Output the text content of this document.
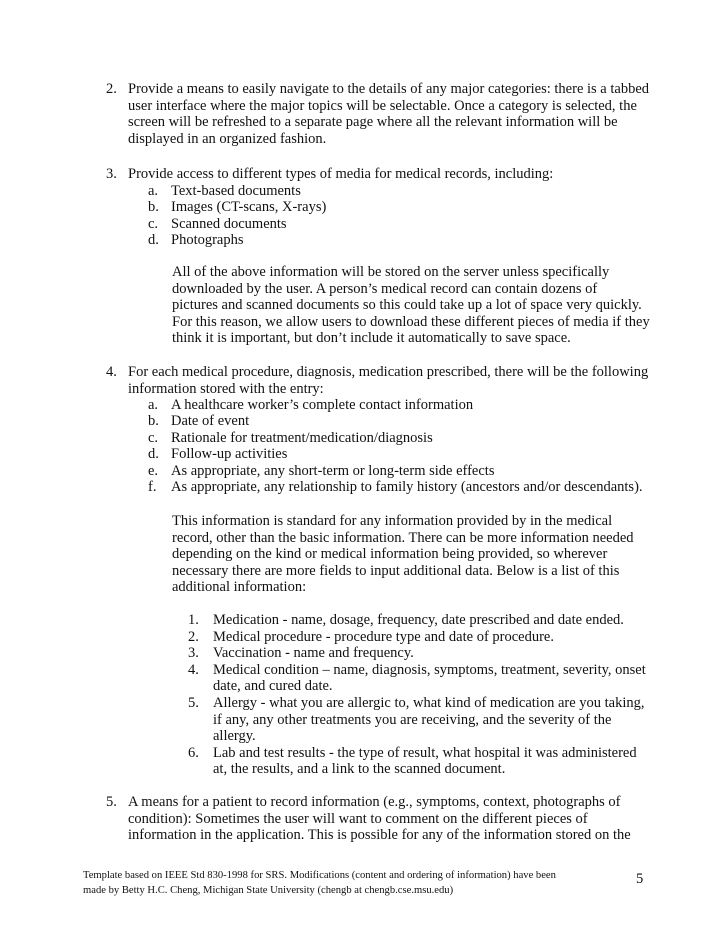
2. Provide a means to easily navigate to the details of any major categories: there is a tabbed
user interface where the major topics will be selectable. Once a category is selected, the
screen will be refreshed to a separate page where all the relevant information will be
displayed in an organized fashion.
3. Provide access to different types of media for medical records, including:
a. Text-based documents
b. Images (CT-scans, X-rays)
c. Scanned documents
d. Photographs
All of the above information will be stored on the server unless specifically
downloaded by the user. A person’s medical record can contain dozens of
pictures and scanned documents so this could take up a lot of space very quickly.
For this reason, we allow users to download these different pieces of media if they
think it is important, but don’t include it automatically to save space.
4. For each medical procedure, diagnosis, medication prescribed, there will be the following
information stored with the entry:
a. A healthcare worker’s complete contact information
b. Date of event
c. Rationale for treatment/medication/diagnosis
d. Follow-up activities
e. As appropriate, any short-term or long-term side effects
f. As appropriate, any relationship to family history (ancestors and/or descendants).
This information is standard for any information provided by in the medical
record, other than the basic information. There can be more information needed
depending on the kind or medical information being provided, so wherever
necessary there are more fields to input additional data. Below is a list of this
additional information:
1. Medication - name, dosage, frequency, date prescribed and date ended.
2. Medical procedure - procedure type and date of procedure.
3. Vaccination - name and frequency.
4. Medical condition – name, diagnosis, symptoms, treatment, severity, onset
date, and cured date.
5. Allergy - what you are allergic to, what kind of medication are you taking,
if any, any other treatments you are receiving, and the severity of the
allergy.
6. Lab and test results - the type of result, what hospital it was administered
at, the results, and a link to the scanned document.
5. A means for a patient to record information (e.g., symptoms, context, photographs of
condition): Sometimes the user will want to comment on the different pieces of
information in the application. This is possible for any of the information stored on the
Template based on IEEE Std 830-1998 for SRS. Modifications (content and ordering of information) have been
made by Betty H.C. Cheng, Michigan State University (chengb at chengb.cse.msu.edu)
5
